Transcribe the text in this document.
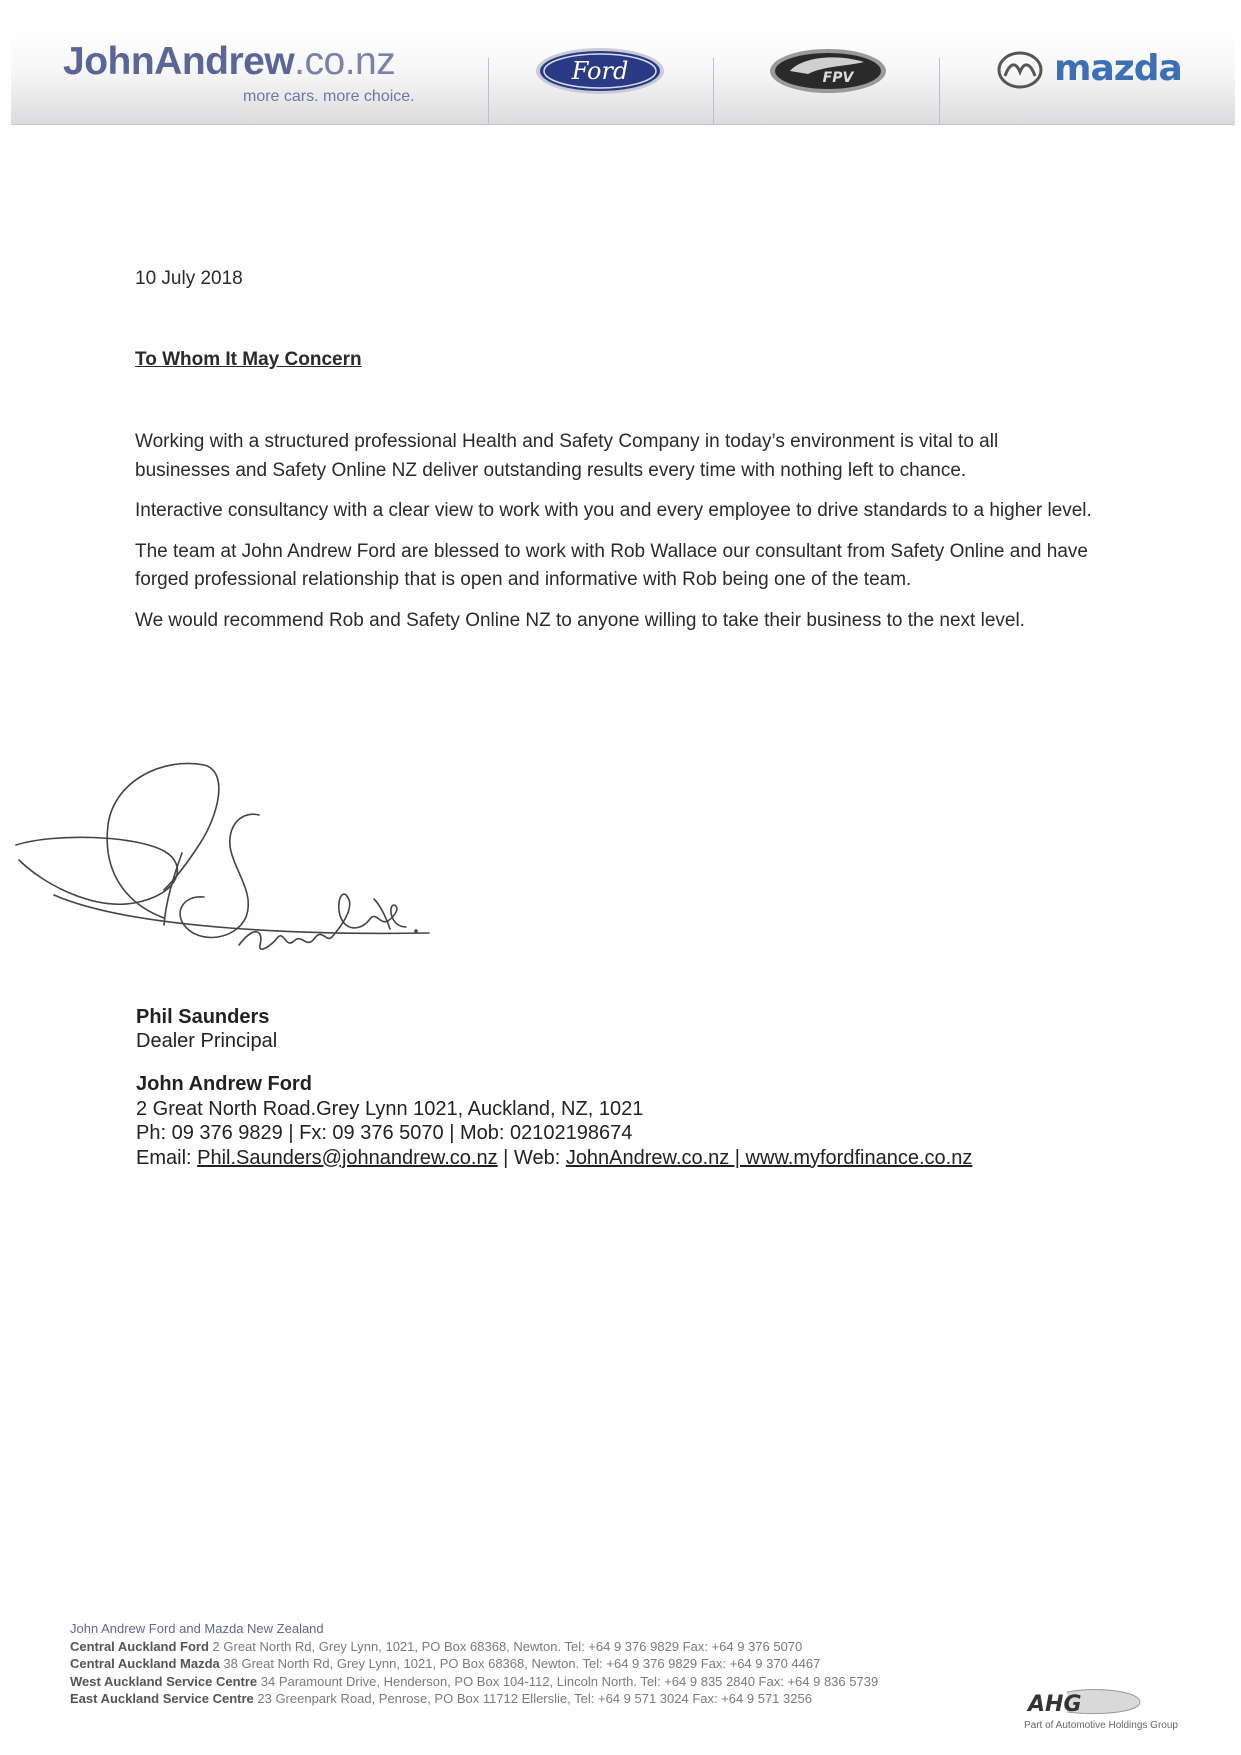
JohnAndrew.co.nz
more cars. more choice.
Ford	FPV	mazda
10 July 2018
To Whom It May Concern

Working with a structured professional Health and Safety Company in today’s environment is vital to all businesses and Safety Online NZ deliver outstanding results every time with nothing left to chance.

Interactive consultancy with a clear view to work with you and every employee to drive standards to a higher level.

The team at John Andrew Ford are blessed to work with Rob Wallace our consultant from Safety Online and have forged professional relationship that is open and informative with Rob being one of the team.

We would recommend Rob and Safety Online NZ to anyone willing to take their business to the next level.

Phil Saunders
Dealer Principal
John Andrew Ford
2 Great North Road.Grey Lynn 1021, Auckland, NZ, 1021
Ph: 09 376 9829 | Fx: 09 376 5070 | Mob: 02102198674
Email: Phil.Saunders@johnandrew.co.nz | Web: JohnAndrew.co.nz | www.myfordfinance.co.nz
John Andrew Ford and Mazda New Zealand
Central Auckland Ford 2 Great North Rd, Grey Lynn, 1021, PO Box 68368, Newton. Tel: +64 9 376 9829 Fax: +64 9 376 5070
Central Auckland Mazda 38 Great North Rd, Grey Lynn, 1021, PO Box 68368, Newton. Tel: +64 9 376 9829 Fax: +64 9 370 4467
West Auckland Service Centre 34 Paramount Drive, Henderson, PO Box 104-112, Lincoln North. Tel: +64 9 835 2840 Fax: +64 9 836 5739
East Auckland Service Centre 23 Greenpark Road, Penrose, PO Box 11712 Ellerslie, Tel: +64 9 571 3024 Fax: +64 9 571 3256	AHG
Part of Automotive Holdings Group
